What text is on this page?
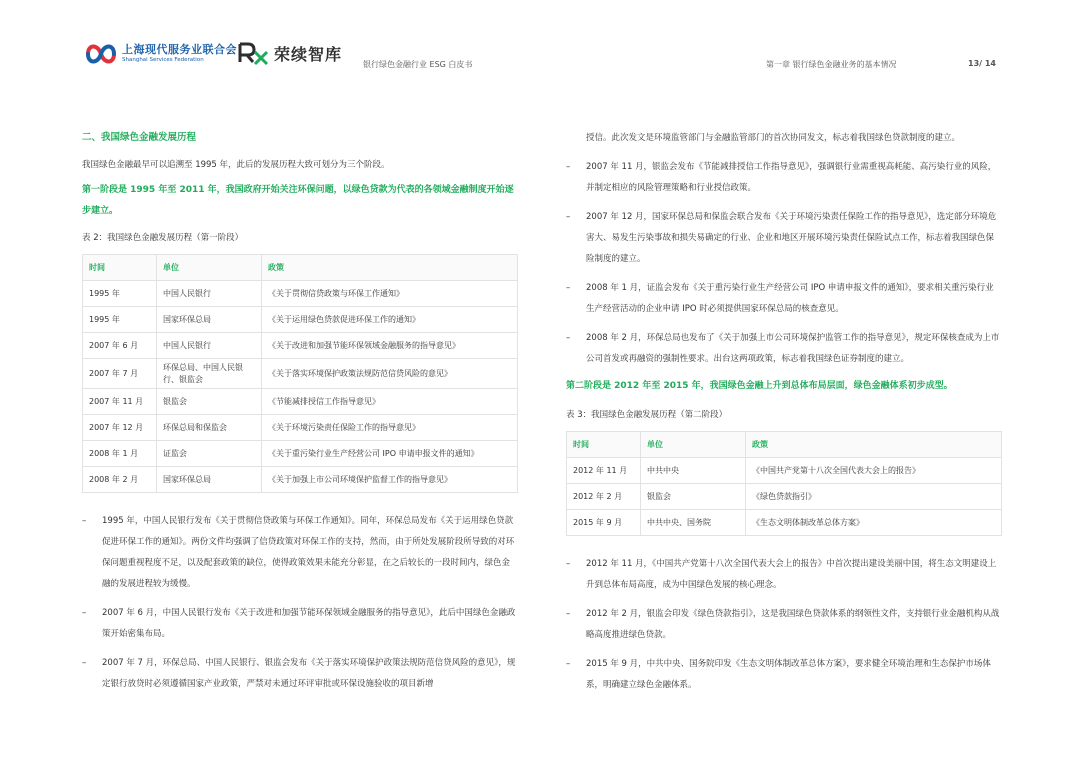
上海现代服务业联合会
Shanghai Services Federation	荣续智库
银行绿色金融行业 ESG 白皮书	第一章 银行绿色金融业务的基本情况	13/ 14
二、我国绿色金融发展历程
我国绿色金融最早可以追溯至 1995 年，此后的发展历程大致可划分为三个阶段。
第一阶段是 1995 年至 2011 年，我国政府开始关注环保问题，以绿色贷款为代表的各领域金融制度开始逐步建立。
表 2：我国绿色金融发展历程（第一阶段）
时间	单位	政策
1995 年	中国人民银行	《关于贯彻信贷政策与环保工作通知》
1995 年	国家环保总局	《关于运用绿色贷款促进环保工作的通知》
2007 年 6 月	中国人民银行	《关于改进和加强节能环保领域金融服务的指导意见》
2007 年 7 月	环保总局、中国人民银行、银监会	《关于落实环境保护政策法规防范信贷风险的意见》
2007 年 11 月	银监会	《节能减排授信工作指导意见》
2007 年 12 月	环保总局和保监会	《关于环境污染责任保险工作的指导意见》
2008 年 1 月	证监会	《关于重污染行业生产经营公司 IPO 申请申报文件的通知》
2008 年 2 月	国家环保总局	《关于加强上市公司环境保护监督工作的指导意见》
– 1995 年，中国人民银行发布《关于贯彻信贷政策与环保工作通知》。同年，环保总局发布《关于运用绿色贷款促进环保工作的通知》。两份文件均强调了信贷政策对环保工作的支持，然而，由于所处发展阶段所导致的对环保问题重视程度不足，以及配套政策的缺位，使得政策效果未能充分彰显，在之后较长的一段时间内，绿色金融的发展进程较为缓慢。
– 2007 年 6 月，中国人民银行发布《关于改进和加强节能环保领域金融服务的指导意见》，此后中国绿色金融政策开始密集布局。
– 2007 年 7 月，环保总局、中国人民银行、银监会发布《关于落实环境保护政策法规防范信贷风险的意见》，规定银行放贷时必须遵循国家产业政策，严禁对未通过环评审批或环保设施验收的项目新增
授信。此次发文是环境监管部门与金融监管部门的首次协同发文，标志着我国绿色贷款制度的建立。
– 2007 年 11 月，银监会发布《节能减排授信工作指导意见》，强调银行业需重视高耗能、高污染行业的风险，并制定相应的风险管理策略和行业授信政策。
– 2007 年 12 月，国家环保总局和保监会联合发布《关于环境污染责任保险工作的指导意见》，选定部分环境危害大、易发生污染事故和损失易确定的行业、企业和地区开展环境污染责任保险试点工作，标志着我国绿色保险制度的建立。
– 2008 年 1 月，证监会发布《关于重污染行业生产经营公司 IPO 申请申报文件的通知》，要求相关重污染行业生产经营活动的企业申请 IPO 时必须提供国家环保总局的核查意见。
– 2008 年 2 月，环保总局也发布了《关于加强上市公司环境保护监管工作的指导意见》，规定环保核查成为上市公司首发或再融资的强制性要求。出台这两项政策，标志着我国绿色证券制度的建立。
第二阶段是 2012 年至 2015 年，我国绿色金融上升到总体布局层面，绿色金融体系初步成型。
表 3：我国绿色金融发展历程（第二阶段）
时间	单位	政策
2012 年 11 月	中共中央	《中国共产党第十八次全国代表大会上的报告》
2012 年 2 月	银监会	《绿色贷款指引》
2015 年 9 月	中共中央、国务院	《生态文明体制改革总体方案》
– 2012 年 11 月，《中国共产党第十八次全国代表大会上的报告》中首次提出建设美丽中国，将生态文明建设上升到总体布局高度，成为中国绿色发展的核心理念。
– 2012 年 2 月，银监会印发《绿色贷款指引》，这是我国绿色贷款体系的纲领性文件，支持银行业金融机构从战略高度推进绿色贷款。
– 2015 年 9 月，中共中央、国务院印发《生态文明体制改革总体方案》，要求健全环境治理和生态保护市场体系，明确建立绿色金融体系。
